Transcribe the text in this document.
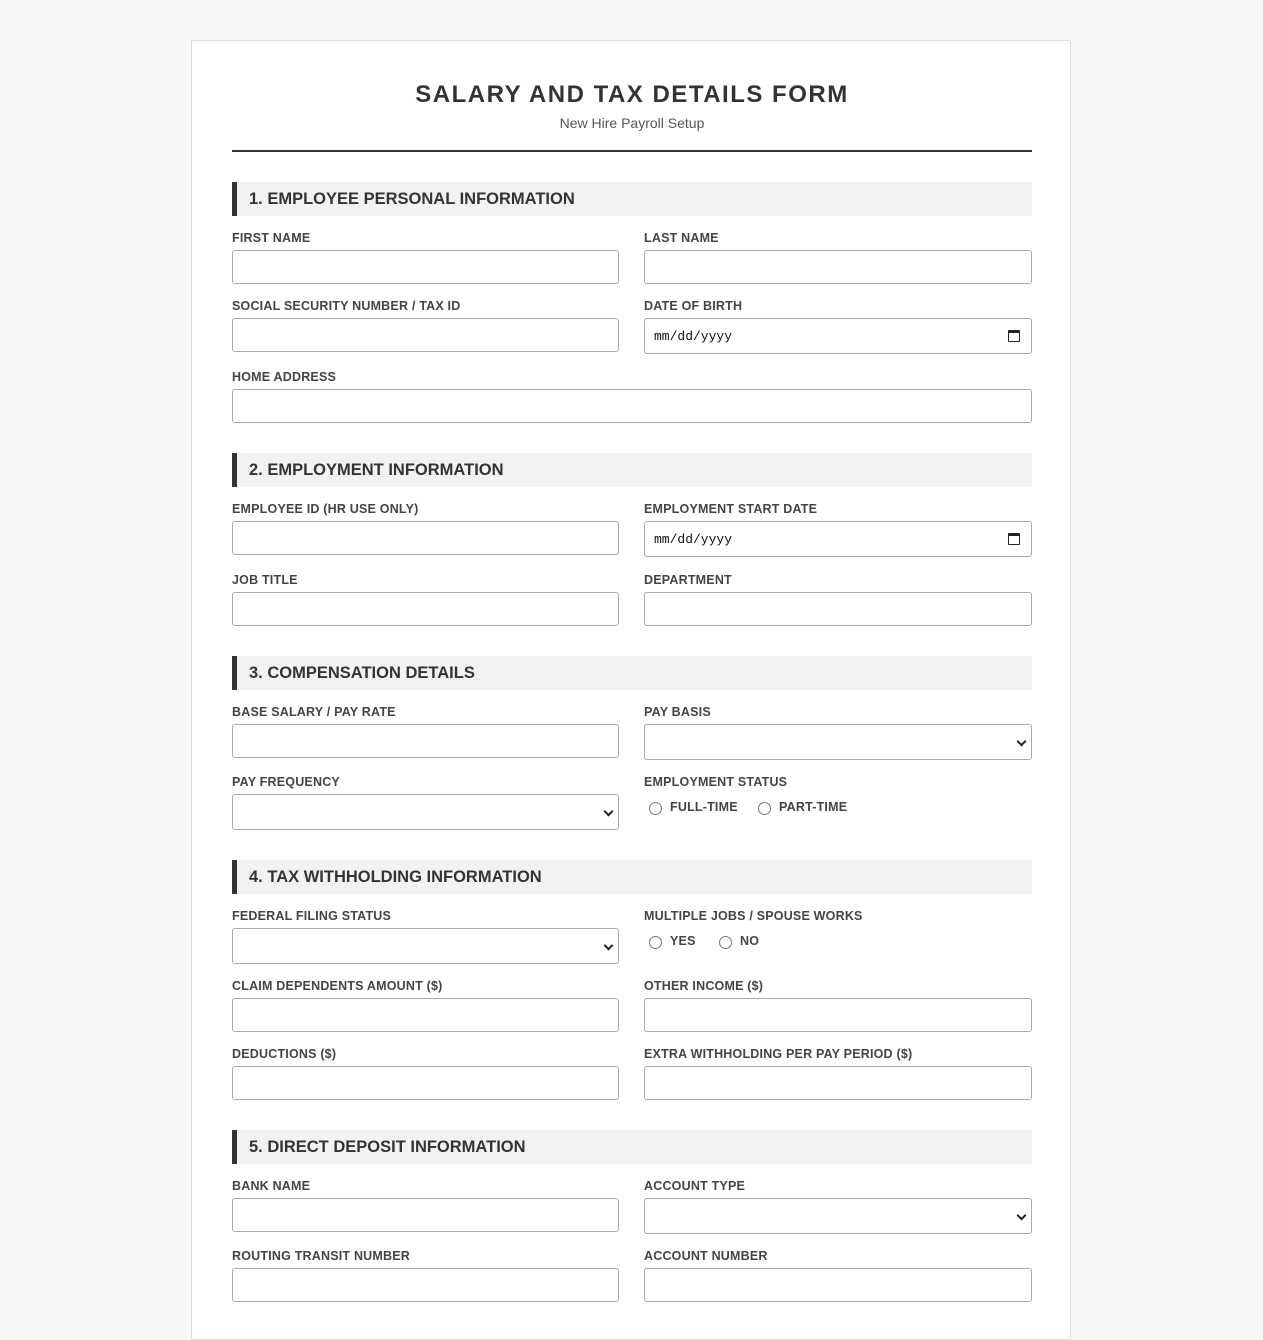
SALARY AND TAX DETAILS FORM
New Hire Payroll Setup
1. EMPLOYEE PERSONAL INFORMATION
FIRST NAME	LAST NAME
SOCIAL SECURITY NUMBER / TAX ID	DATE OF BIRTH
mm/dd/yyyy
HOME ADDRESS
2. EMPLOYMENT INFORMATION
EMPLOYEE ID (HR USE ONLY)	EMPLOYMENT START DATE
mm/dd/yyyy
JOB TITLE	DEPARTMENT
3. COMPENSATION DETAILS
BASE SALARY / PAY RATE	PAY BASIS
PAY FREQUENCY	EMPLOYMENT STATUS
FULL-TIME	PART-TIME
4. TAX WITHHOLDING INFORMATION
FEDERAL FILING STATUS	MULTIPLE JOBS / SPOUSE WORKS
YES	NO
CLAIM DEPENDENTS AMOUNT ($)	OTHER INCOME ($)
DEDUCTIONS ($)	EXTRA WITHHOLDING PER PAY PERIOD ($)
5. DIRECT DEPOSIT INFORMATION
BANK NAME	ACCOUNT TYPE
ROUTING TRANSIT NUMBER	ACCOUNT NUMBER
